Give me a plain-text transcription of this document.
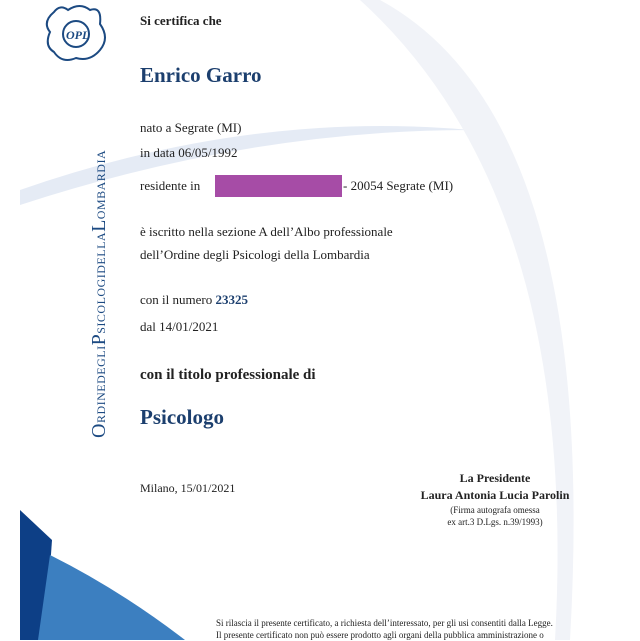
OPL
ORDINEDEGLIPSICOLOGIDELLALOMBARDIA
Si certifica che
Enrico Garro
nato a Segrate (MI)
in data 06/05/1992
residente in	- 20054 Segrate (MI)
è iscritto nella sezione A dell’Albo professionale
dell’Ordine degli Psicologi della Lombardia
con il numero 23325
dal 14/01/2021
con il titolo professionale di
Psicologo
Milano, 15/01/2021
La Presidente
Laura Antonia Lucia Parolin
(Firma autografa omessa
ex art.3 D.Lgs. n.39/1993)
Si rilascia il presente certificato, a richiesta dell’interessato, per gli usi consentiti dalla Legge.
Il presente certificato non può essere prodotto agli organi della pubblica amministrazione o
